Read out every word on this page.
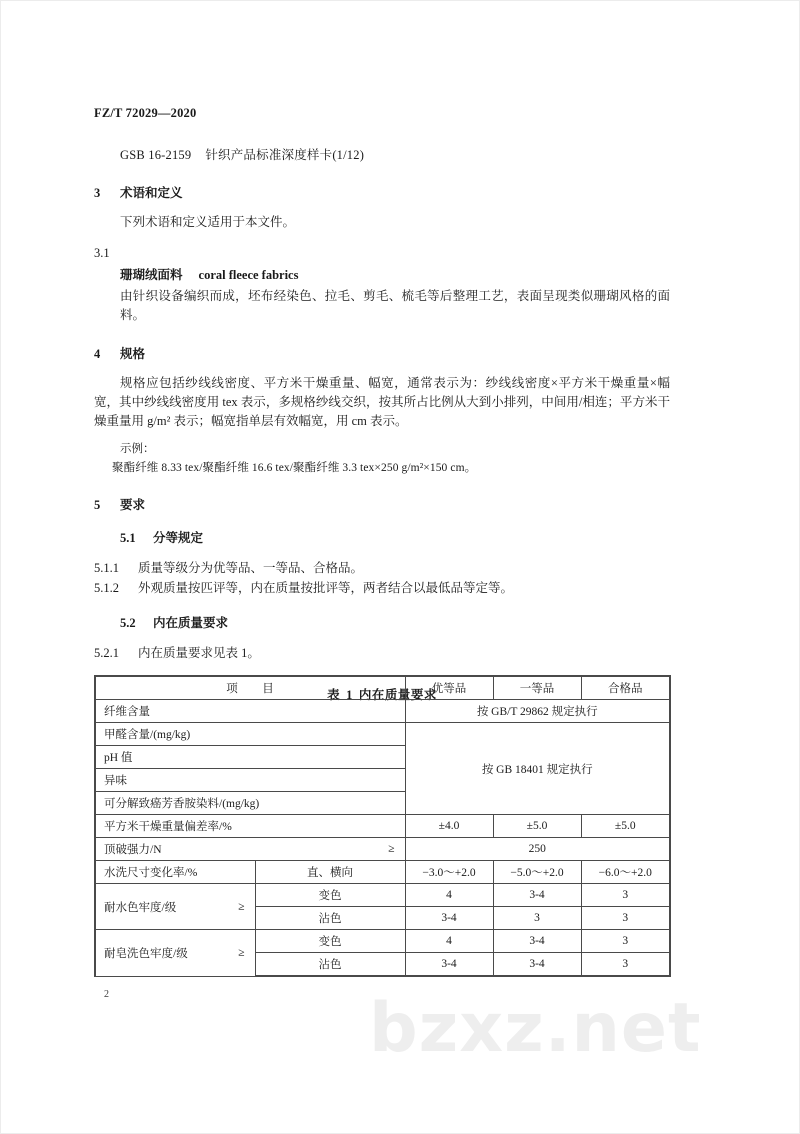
bzxz.net
FZ/T 72029—2020

GSB 16-2159 针织产品标准深度样卡(1/12)

3 术语和定义

下列术语和定义适用于本文件。

3.1

珊瑚绒面料 coral fleece fabrics

由针织设备编织而成，坯布经染色、拉毛、剪毛、梳毛等后整理工艺，表面呈现类似珊瑚风格的面料。

4 规格

规格应包括纱线线密度、平方米干燥重量、幅宽，通常表示为：纱线线密度×平方米干燥重量×幅宽，其中纱线线密度用 tex 表示，多规格纱线交织，按其所占比例从大到小排列，中间用/相连；平方米干燥重量用 g/m² 表示；幅宽指单层有效幅宽，用 cm 表示。

示例：

聚酯纤维 8.33 tex/聚酯纤维 16.6 tex/聚酯纤维 3.3 tex×250 g/m²×150 cm。

5 要求

5.1 分等规定

5.1.1 质量等级分为优等品、一等品、合格品。

5.1.2 外观质量按匹评等，内在质量按批评等，两者结合以最低品等定等。

5.2 内在质量要求

5.2.1 内在质量要求见表 1。

表 1 内在质量要求

项　　目		优等品	一等品	合格品
纤维含量		按 GB/T 29862 规定执行		
甲醛含量/(mg/kg)		按 GB 18401 规定执行		
pH 值				
异味				
可分解致癌芳香胺染料/(mg/kg)				
平方米干燥重量偏差率/%		±4.0	±5.0	±5.0
顶破强力/N ≥		250		
水洗尺寸变化率/%	直、横向	−3.0～+2.0	−5.0～+2.0	−6.0～+2.0
耐水色牢度/级 ≥	变色	4	3-4	3
	沾色	3-4	3	3
耐皂洗色牢度/级 ≥	变色	4	3-4	3
	沾色	3-4	3-4	3
2
